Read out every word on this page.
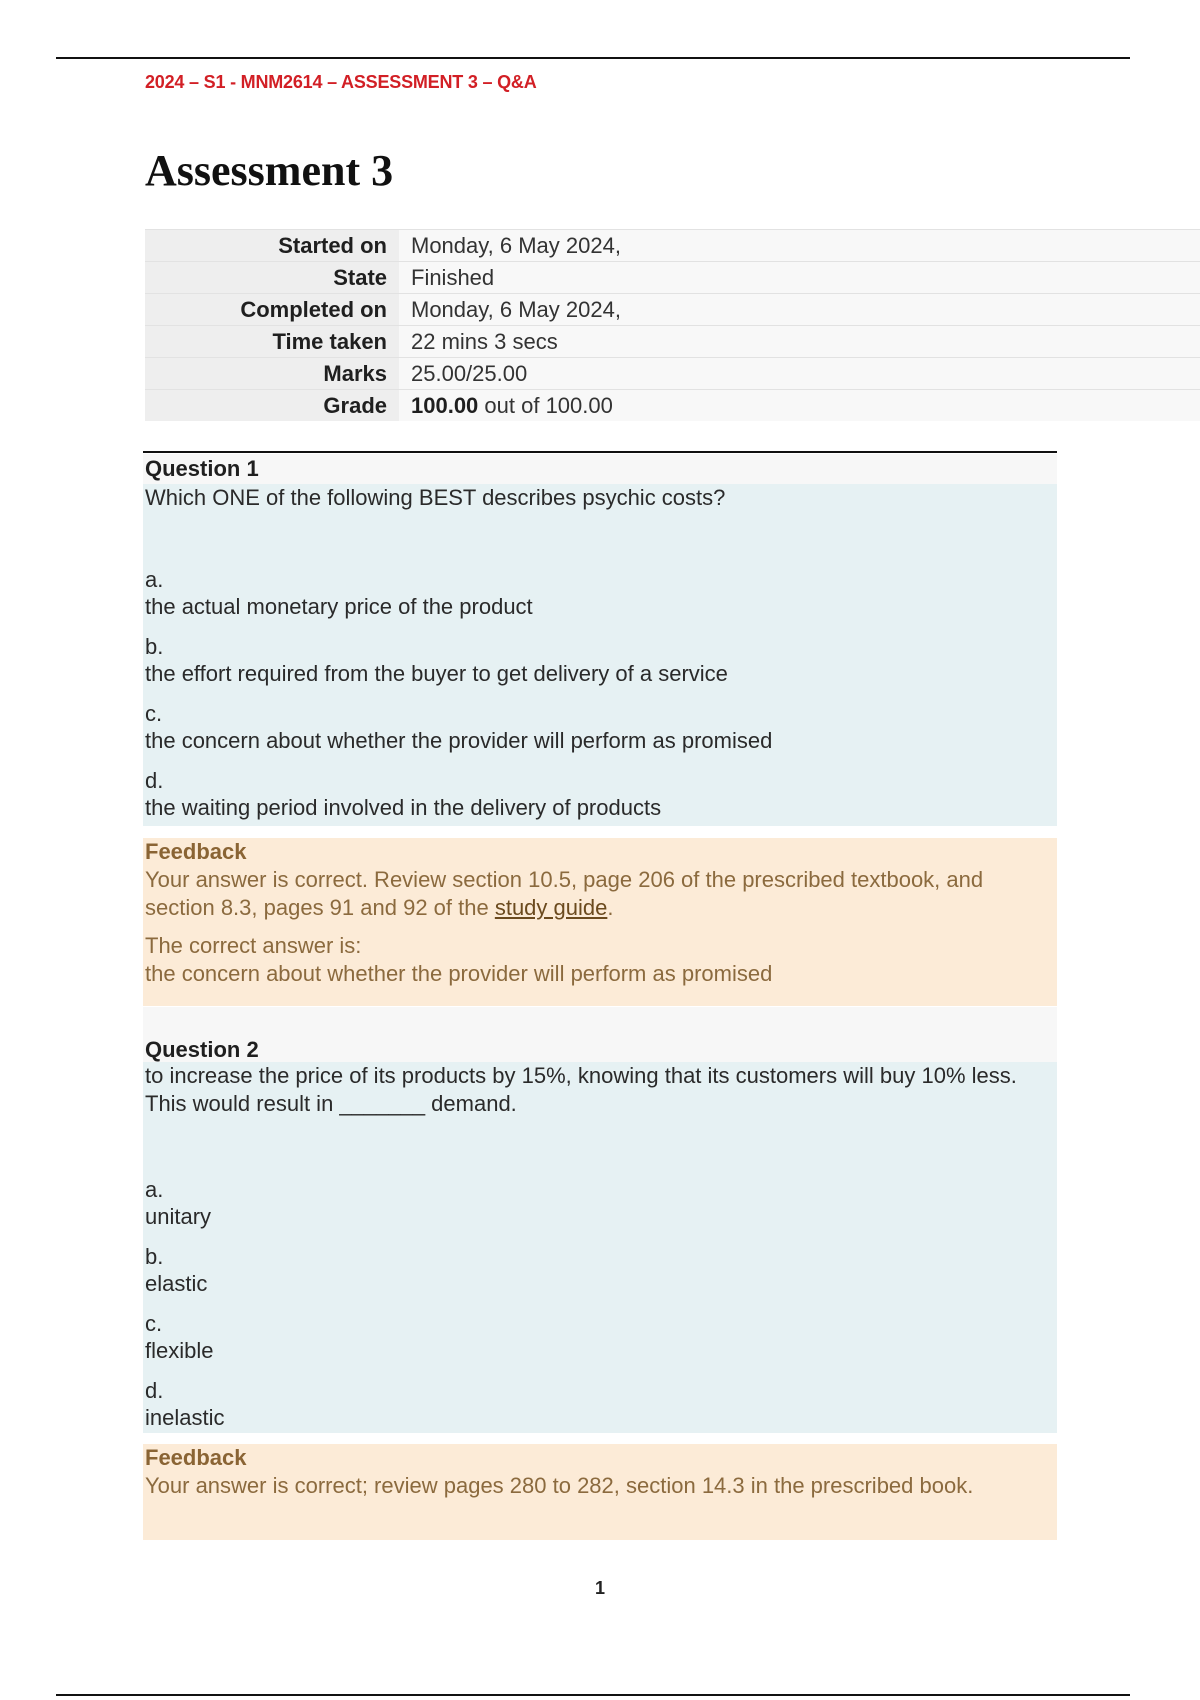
2024 – S1 - MNM2614 – ASSESSMENT 3 – Q&A
Assessment 3
Started on	Monday, 6 May 2024,
State	Finished
Completed on	Monday, 6 May 2024,
Time taken	22 mins 3 secs
Marks	25.00/25.00
Grade	100.00 out of 100.00
Question 1
Which ONE of the following BEST describes psychic costs?
a.
the actual monetary price of the product
b.
the effort required from the buyer to get delivery of a service
c.
the concern about whether the provider will perform as promised
d.
the waiting period involved in the delivery of products
Feedback
Your answer is correct. Review section 10.5, page 206 of the prescribed textbook, and section 8.3, pages 91 and 92 of the study guide.
The correct answer is:
the concern about whether the provider will perform as promised
Question 2
to increase the price of its products by 15%, knowing that its customers will buy 10% less. This would result in _______ demand.
a.
unitary
b.
elastic
c.
flexible
d.
inelastic
Feedback
Your answer is correct; review pages 280 to 282, section 14.3 in the prescribed book.
1
